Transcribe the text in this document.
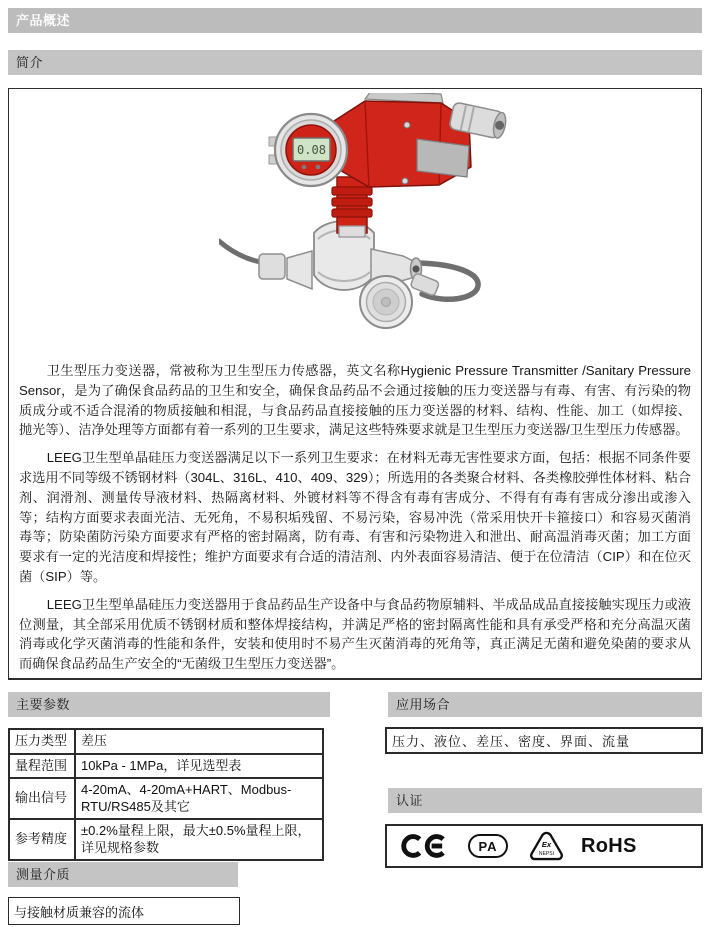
产品概述
简介
0.08

卫生型压力变送器，常被称为卫生型压力传感器，英文名称Hygienic Pressure Transmitter /Sanitary Pressure Sensor，是为了确保食品药品的卫生和安全，确保食品药品不会通过接触的压力变送器与有毒、有害、有污染的物质成分或不适合混淆的物质接触和相混，与食品药品直接接触的压力变送器的材料、结构、性能、加工（如焊接、抛光等）、洁净处理等方面都有着一系列的卫生要求，满足这些特殊要求就是卫生型压力变送器/卫生型压力传感器。

LEEG卫生型单晶硅压力变送器满足以下一系列卫生要求：在材料无毒无害性要求方面，包括：根据不同条件要求选用不同等级不锈钢材料（304L、316L、410、409、329）；所选用的各类聚合材料、各类橡胶弹性体材料、粘合剂、润滑剂、测量传导液材料、热隔离材料、外镀材料等不得含有毒有害成分、不得有有毒有害成分渗出或渗入等；结构方面要求表面光洁、无死角，不易积垢残留、不易污染，容易冲洗（常采用快开卡箍接口）和容易灭菌消毒等；防染菌防污染方面要求有严格的密封隔离，防有毒、有害和污染物进入和泄出、耐高温消毒灭菌；加工方面要求有一定的光洁度和焊接性；维护方面要求有合适的清洁剂、内外表面容易清洁、便于在位清洁（CIP）和在位灭菌（SIP）等。

LEEG卫生型单晶硅压力变送器用于食品药品生产设备中与食品药物原辅料、半成品成品直接接触实现压力或液位测量，其全部采用优质不锈钢材质和整体焊接结构，并满足严格的密封隔离性能和具有承受严格和充分高温灭菌消毒或化学灭菌消毒的性能和条件，安装和使用时不易产生灭菌消毒的死角等，真正满足无菌和避免染菌的要求从而确保食品药品生产安全的“无菌级卫生型压力变送器”。

主要参数	应用场合
压力类型	差压
量程范围	10kPa - 1MPa，详见选型表
输出信号	4-20mA、4-20mA+HART、Modbus-RTU/RS485及其它
参考精度	±0.2%量程上限，最大±0.5%量程上限，详见规格参数
压力、液位、差压、密度、界面、流量
认证
PA	Ex
NEPSI RoHS
测量介质
与接触材质兼容的流体
